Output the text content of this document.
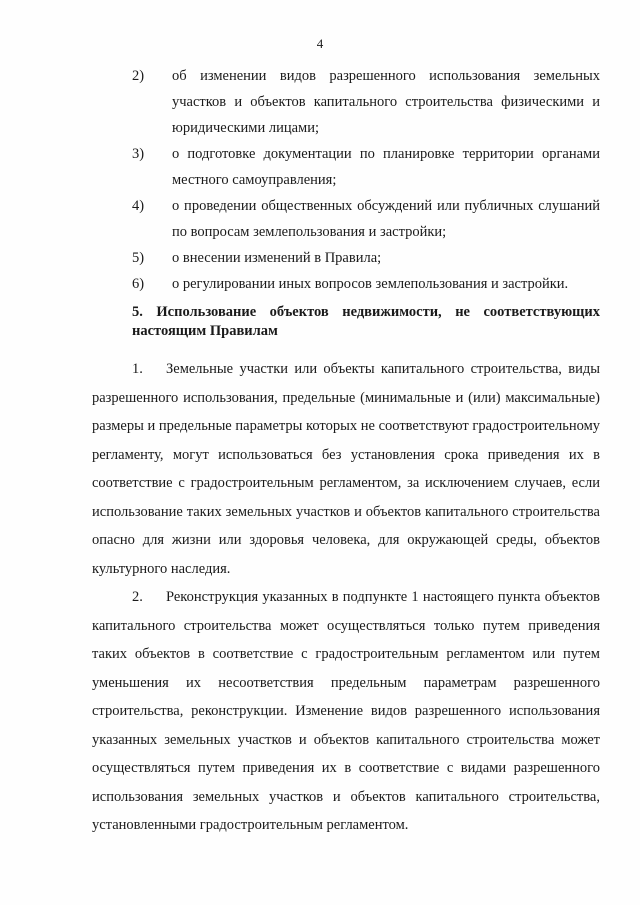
4
2)	об изменении видов разрешенного использования земельных участков и объектов капитального строительства физическими и юридическими лицами;
3)	о подготовке документации по планировке территории органами местного самоуправления;
4)	о проведении общественных обсуждений или публичных слушаний по вопросам землепользования и застройки;
5)	о внесении изменений в Правила;
6)	о регулировании иных вопросов землепользования и застройки.
5. Использование объектов недвижимости, не соответствующих настоящим Правилам

1. Земельные участки или объекты капитального строительства, виды разрешенного использования, предельные (минимальные и (или) максимальные) размеры и предельные параметры которых не соответствуют градостроительному регламенту, могут использоваться без установления срока приведения их в соответствие с градостроительным регламентом, за исключением случаев, если использование таких земельных участков и объектов капитального строительства опасно для жизни или здоровья человека, для окружающей среды, объектов культурного наследия.

2. Реконструкция указанных в подпункте 1 настоящего пункта объектов капитального строительства может осуществляться только путем приведения таких объектов в соответствие с градостроительным регламентом или путем уменьшения их несоответствия предельным параметрам разрешенного строительства, реконструкции. Изменение видов разрешенного использования указанных земельных участков и объектов капитального строительства может осуществляться путем приведения их в соответствие с видами разрешенного использования земельных участков и объектов капитального строительства, установленными градостроительным регламентом.
